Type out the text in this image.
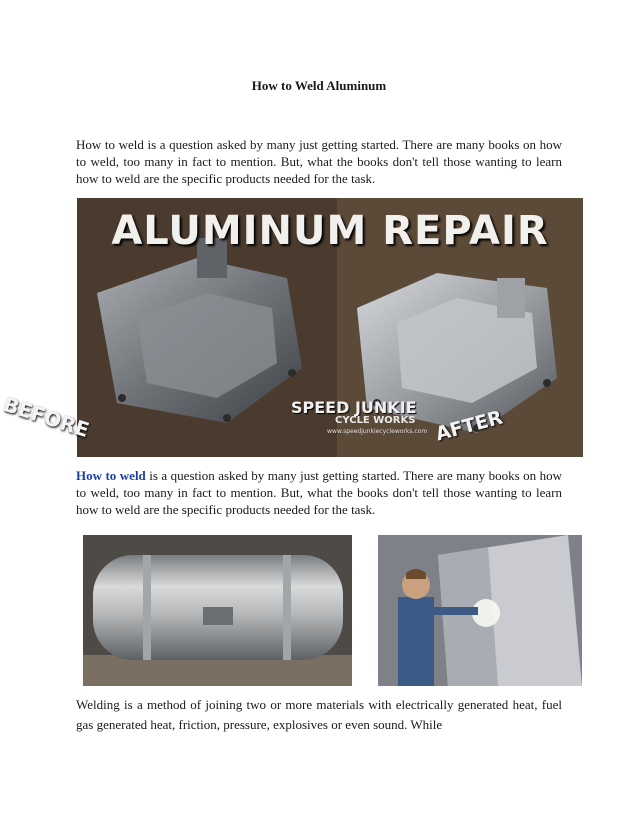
How to Weld Aluminum

How to weld is a question asked by many just getting started. There are many books on how to weld, too many in fact to mention. But, what the books don't tell those wanting to learn how to weld are the specific products needed for the task.

ALUMINUM REPAIR
SPEED JUNKIE
CYCLE WORKS
www.speedjunkiecycleworks.com
BEFORE	AFTER

How to weld is a question asked by many just getting started. There are many books on how to weld, too many in fact to mention. But, what the books don't tell those wanting to learn how to weld are the specific products needed for the task.

Welding is a method of joining two or more materials with electrically generated heat, fuel gas generated heat, friction, pressure, explosives or even sound. While
